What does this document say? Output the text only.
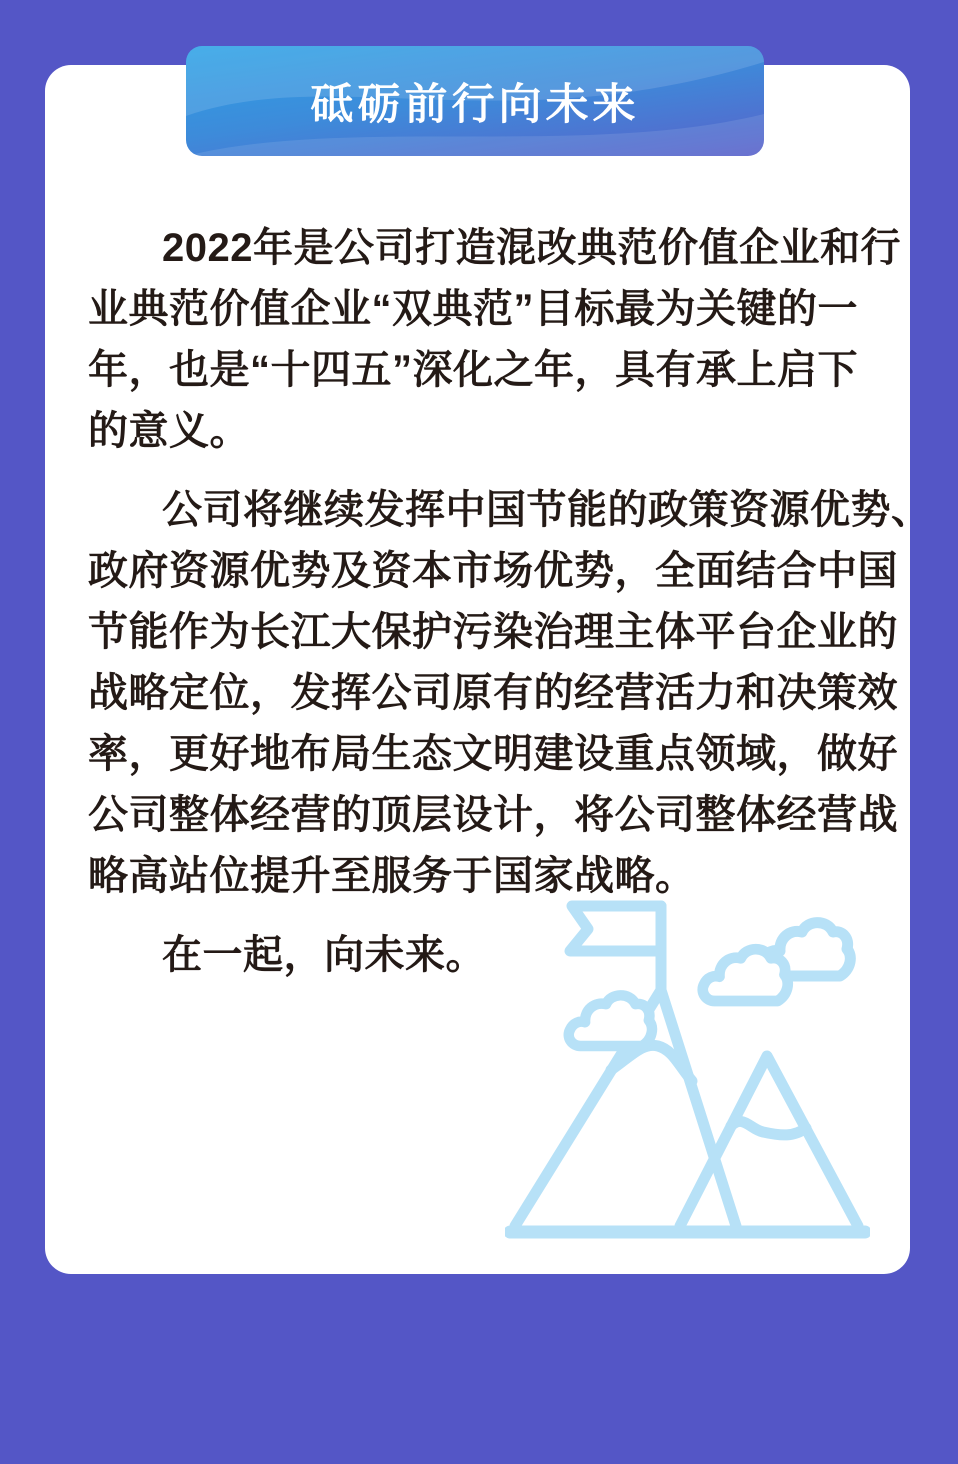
砥砺前行向未来

2022年是公司打造混改典范价值企业和行
业典范价值企业“双典范”目标最为关键的一
年，也是“十四五”深化之年，具有承上启下
的意义。

公司将继续发挥中国节能的政策资源优势、
政府资源优势及资本市场优势，全面结合中国
节能作为长江大保护污染治理主体平台企业的
战略定位，发挥公司原有的经营活力和决策效
率，更好地布局生态文明建设重点领域，做好
公司整体经营的顶层设计，将公司整体经营战
略高站位提升至服务于国家战略。

在一起，向未来。
